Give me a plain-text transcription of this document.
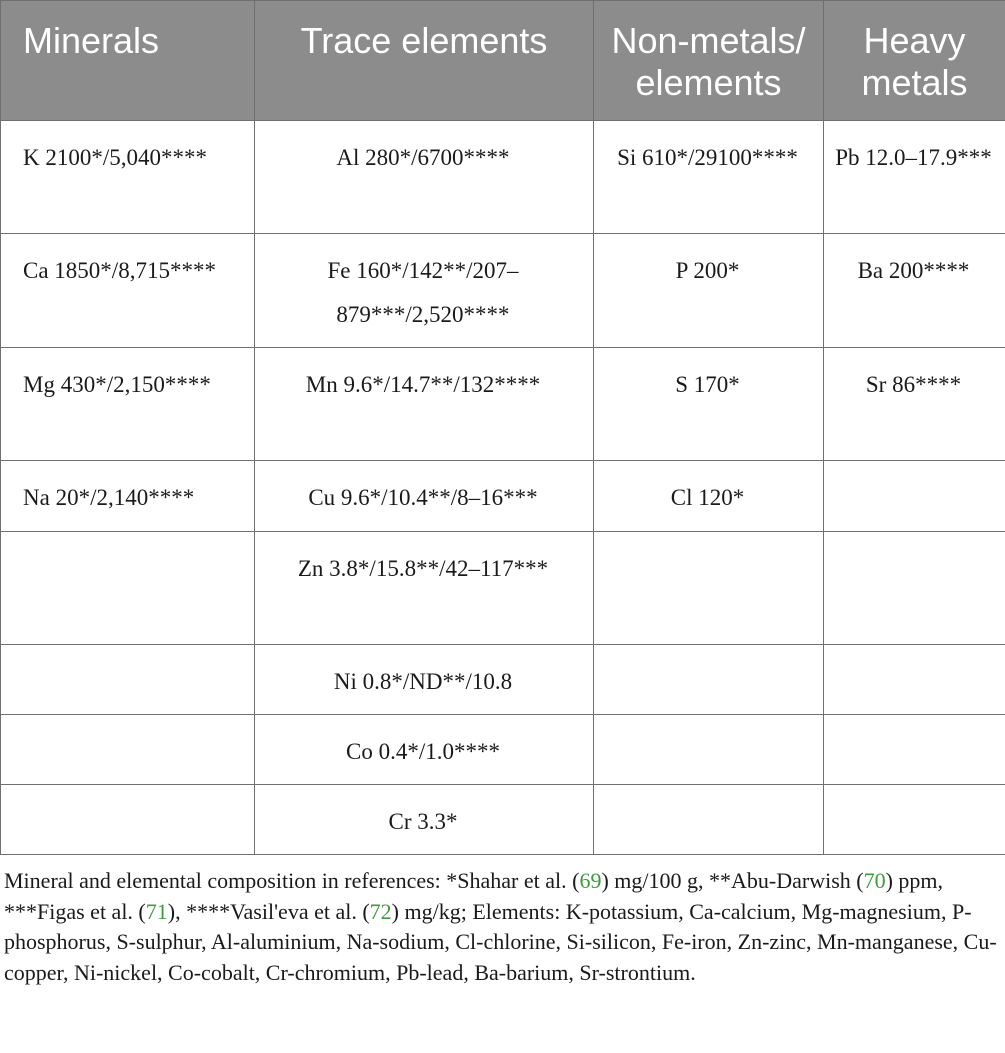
Minerals	Trace elements	Non-metals/ elements	Heavy metals
K 2100*/5,040****	Al 280*/6700****	Si 610*/29100****	Pb 12.0–17.9***
Ca 1850*/8,715****	Fe 160*/142**/207–879***/2,520****	P 200*	Ba 200****
Mg 430*/2,150****	Mn 9.6*/14.7**/132****	S 170*	Sr 86****
Na 20*/2,140****	Cu 9.6*/10.4**/8–16***	Cl 120*	
	Zn 3.8*/15.8**/42–117***		
	Ni 0.8*/ND**/10.8		
	Co 0.4*/1.0****		
	Cr 3.3*		
Mineral and elemental composition in references: *Shahar et al. (69) mg/100 g, **Abu-Darwish (70) ppm, ***Figas et al. (71), ****Vasil'eva et al. (72) mg/kg; Elements: K-potassium, Ca-calcium, Mg-magnesium, P-phosphorus, S-sulphur, Al-aluminium, Na-sodium, Cl-chlorine, Si-silicon, Fe-iron, Zn-zinc, Mn-manganese, Cu-copper, Ni-nickel, Co-cobalt, Cr-chromium, Pb-lead, Ba-barium, Sr-strontium.
